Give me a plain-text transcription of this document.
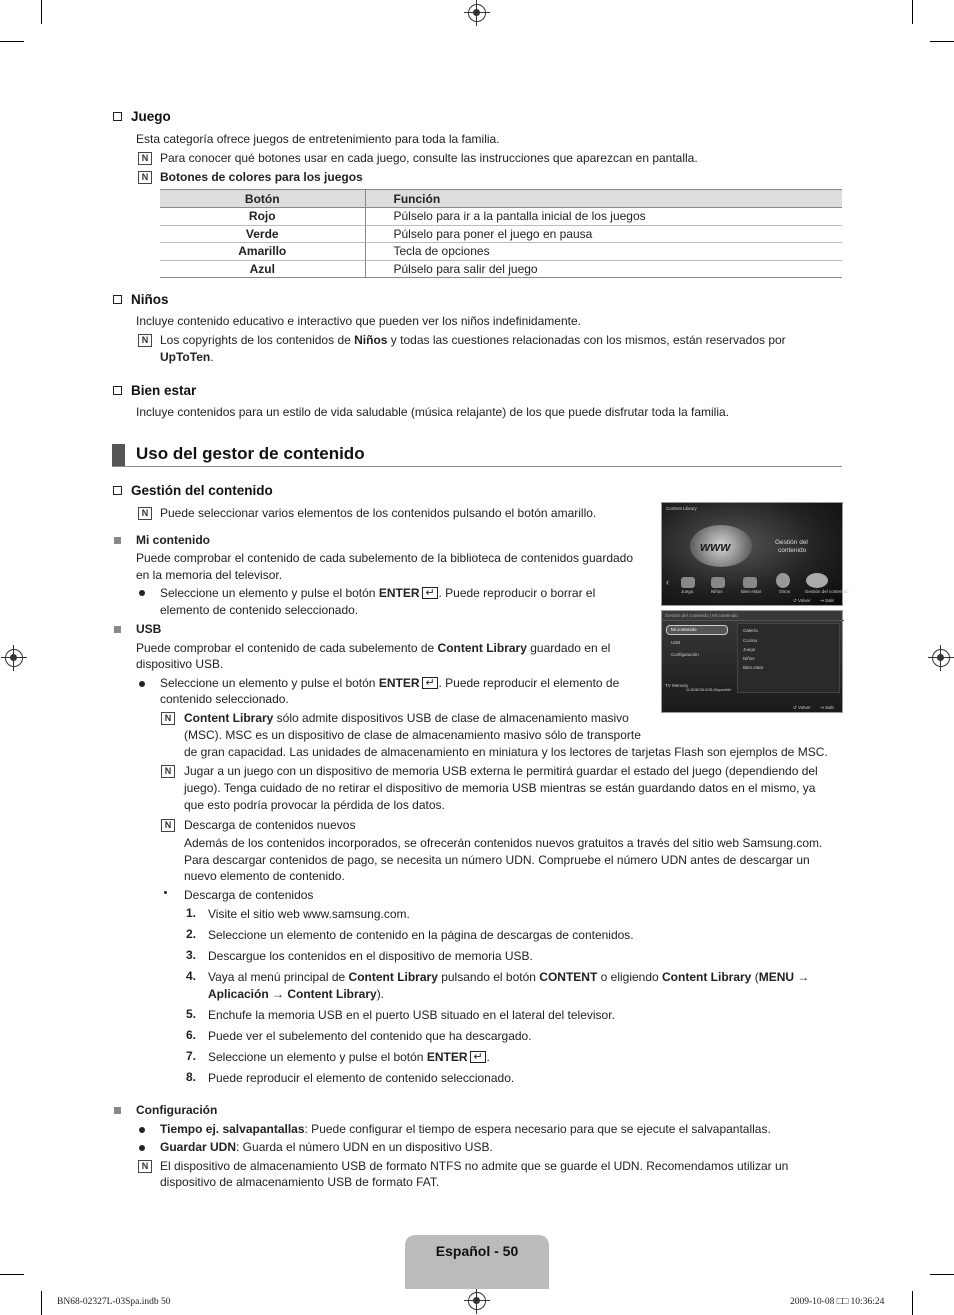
Juego
Esta categoría ofrece juegos de entretenimiento para toda la familia.
N Para conocer qué botones usar en cada juego, consulte las instrucciones que aparezcan en pantalla.
N Botones de colores para los juegos
Botón	Función
Rojo	Púlselo para ir a la pantalla inicial de los juegos
Verde	Púlselo para poner el juego en pausa
Amarillo	Tecla de opciones
Azul	Púlselo para salir del juego
Niños
Incluye contenido educativo e interactivo que pueden ver los niños indefinidamente.
N Los copyrights de los contenidos de Niños y todas las cuestiones relacionadas con los mismos, están reservados por
UpToTen.
Bien estar
Incluye contenidos para un estilo de vida saludable (música relajante) de los que puede disfrutar toda la familia.
Uso del gestor de contenido
Gestión del contenido
N Puede seleccionar varios elementos de los contenidos pulsando el botón amarillo.
Mi contenido
Puede comprobar el contenido de cada subelemento de la biblioteca de contenidos guardado
en la memoria del televisor.
Seleccione un elemento y pulse el botón ENTER ↵ . Puede reproducir o borrar el
elemento de contenido seleccionado.
USB
Puede comprobar el contenido de cada subelemento de Content Library guardado en el
dispositivo USB.
Seleccione un elemento y pulse el botón ENTER ↵ . Puede reproducir el elemento de
contenido seleccionado.
N	Content Library sólo admite dispositivos USB de clase de almacenamiento masivo
(MSC). MSC es un dispositivo de clase de almacenamiento masivo sólo de transporte
de gran capacidad. Las unidades de almacenamiento en miniatura y los lectores de tarjetas Flash son ejemplos de MSC.
N	Jugar a un juego con un dispositivo de memoria USB externa le permitirá guardar el estado del juego (dependiendo del
juego). Tenga cuidado de no retirar el dispositivo de memoria USB mientras se están guardando datos en el mismo, ya
que esto podría provocar la pérdida de los datos.
N	Descarga de contenidos nuevos
Además de los contenidos incorporados, se ofrecerán contenidos nuevos gratuitos a través del sitio web Samsung.com.
Para descargar contenidos de pago, se necesita un número UDN. Compruebe el número UDN antes de descargar un
nuevo elemento de contenido.
Descarga de contenidos
1. Visite el sitio web www.samsung.com.
2. Seleccione un elemento de contenido en la página de descargas de contenidos.
3. Descargue los contenidos en el dispositivo de memoria USB.
4. Vaya al menú principal de Content Library pulsando el botón CONTENT o eligiendo Content Library (MENU →
Aplicación → Content Library).
5. Enchufe la memoria USB en el puerto USB situado en el lateral del televisor.
6. Puede ver el subelemento del contenido que ha descargado.
7. Seleccione un elemento y pulse el botón ENTER ↵ .
8. Puede reproducir el elemento de contenido seleccionado.
Configuración
Tiempo ej. salvapantallas: Puede configurar el tiempo de espera necesario para que se ejecute el salvapantallas.
Guardar UDN: Guarda el número UDN en un dispositivo USB.
N El dispositivo de almacenamiento USB de formato NTFS no admite que se guarde el UDN. Recomendamos utilizar un
dispositivo de almacenamiento USB de formato FAT.
Content Library
www	Gestión del
contenido
‹
Juego	Niños	Bien estar	Otros	Gestión del contenido
↺ Volver ⇥ Salir
Gestión del contenido | Mi contenido
Mi contenido
USB
Configuración
Galería
Cocina
Juego
Niños
Bien estar
TV Memory
11.8GB/38.0GB Disponible
↺ Volver ⇥ Salir
Español - 50
BN68-02327L-03Spa.indb 50	2009-10-08 □□ 10:36:24
